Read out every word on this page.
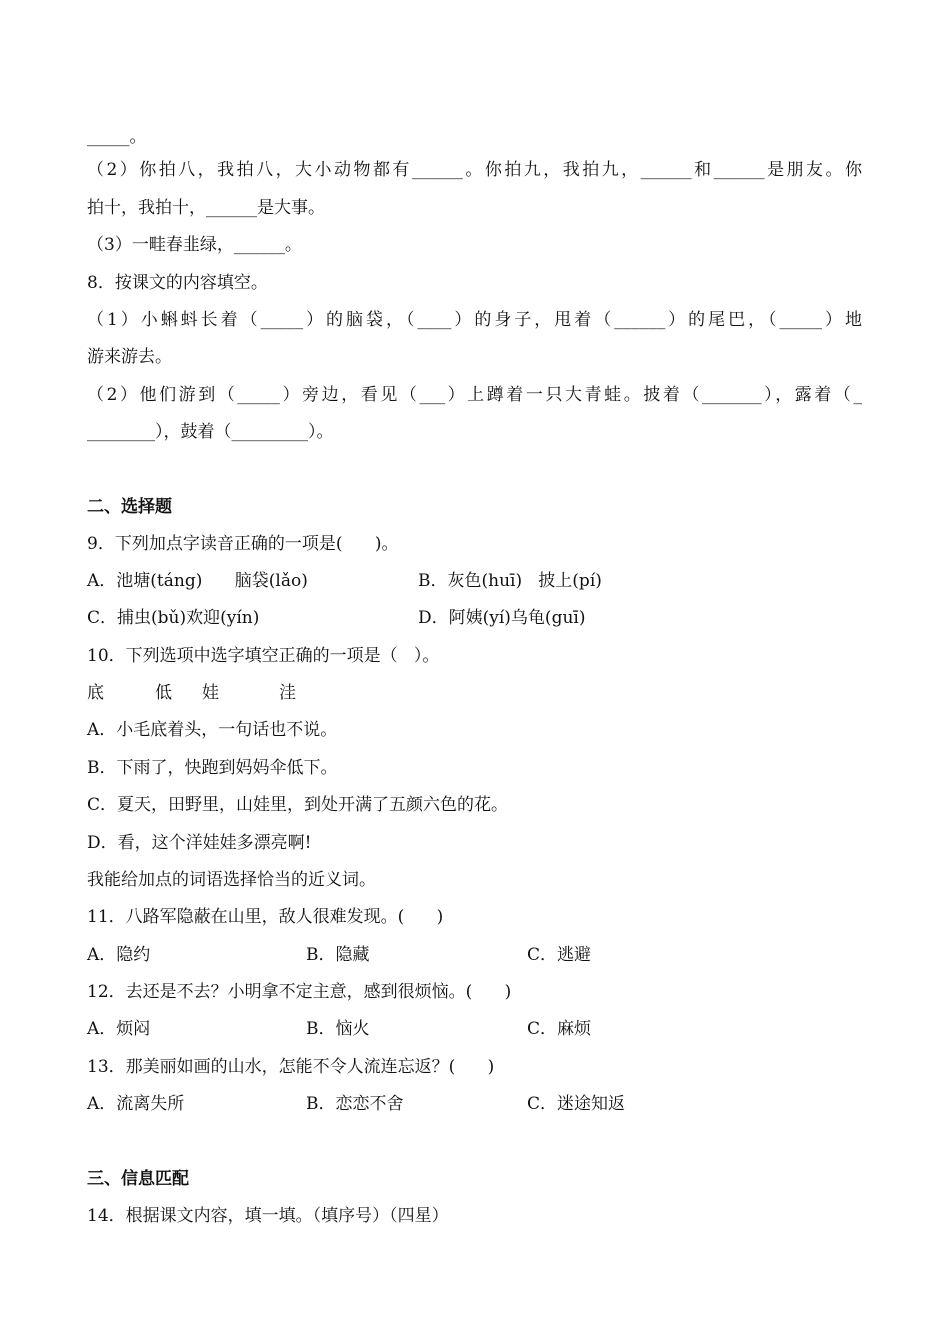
_____。
（2）你拍八，我拍八，大小动物都有______。你拍九，我拍九，______和______是朋友。你
拍十，我拍十，______是大事。
（3）一畦春韭绿，______。
8．按课文的内容填空。
（1）小蝌蚪长着（_____）的脑袋，（____）的身子，甩着（______）的尾巴，（_____）地
游来游去。
（2）他们游到（_____）旁边，看见（___）上蹲着一只大青蛙。披着（_______），露着（_
________），鼓着（_________）。
二、选择题
9．下列加点字读音正确的一项是(      )。
A．池塘(táng)      脑袋(lǎo)	B．灰色(huī)   披上(pí)
C．捕虫(bǔ)欢迎(yín)	D．阿姨(yí)乌龟(guī)
10．下列选项中选字填空正确的一项是（   ）。
底	低 娃	洼
A．小毛底着头，一句话也不说。
B．下雨了，快跑到妈妈伞低下。
C．夏天，田野里，山娃里，到处开满了五颜六色的花。
D．看，这个洋娃娃多漂亮啊!
我能给加点的词语选择恰当的近义词。
11．八路军隐蔽在山里，敌人很难发现。(      )
A．隐约	B．隐藏	C．逃避
12．去还是不去？小明拿不定主意，感到很烦恼。(      )
A．烦闷	B．恼火	C．麻烦
13．那美丽如画的山水，怎能不令人流连忘返？(      )
A．流离失所	B．恋恋不舍	C．迷途知返
三、信息匹配
14．根据课文内容，填一填。（填序号）（四星）
